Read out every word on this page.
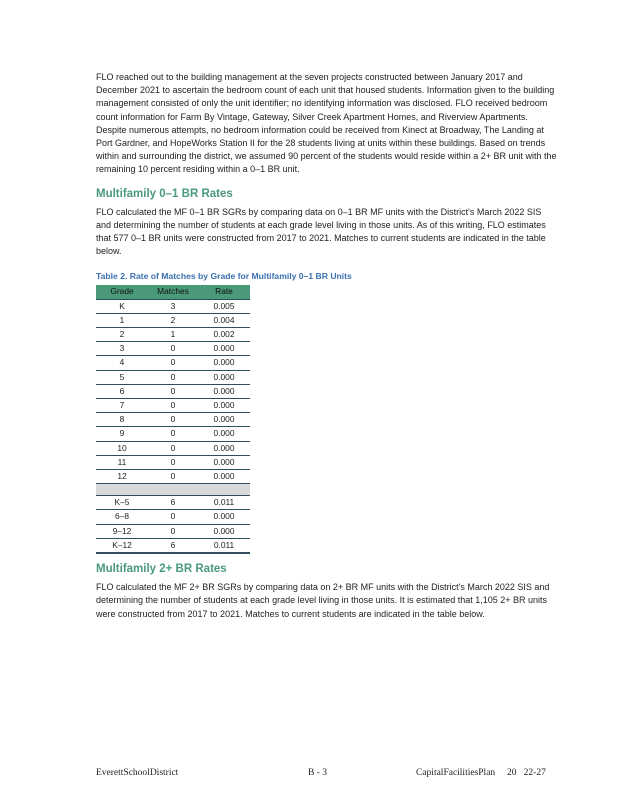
FLO reached out to the building management at the seven projects constructed between January 2017 and December 2021 to ascertain the bedroom count of each unit that housed students. Information given to the building management consisted of only the unit identifier; no identifying information was disclosed. FLO received bedroom count information for Farm By Vintage, Gateway, Silver Creek Apartment Homes, and Riverview Apartments. Despite numerous attempts, no bedroom information could be received from Kinect at Broadway, The Landing at Port Gardner, and HopeWorks Station II for the 28 students living at units within these buildings. Based on trends within and surrounding the district, we assumed 90 percent of the students would reside within a 2+ BR unit with the remaining 10 percent residing within a 0–1 BR unit.

Multifamily 0–1 BR Rates

FLO calculated the MF 0–1 BR SGRs by comparing data on 0–1 BR MF units with the District's March 2022 SIS and determining the number of students at each grade level living in those units. As of this writing, FLO estimates that 577 0–1 BR units were constructed from 2017 to 2021. Matches to current students are indicated in the table below.

Table 2. Rate of Matches by Grade for Multifamily 0–1 BR Units
Grade	Matches	Rate
K	3	0.005
1	2	0.004
2	1	0.002
3	0	0.000
4	0	0.000
5	0	0.000
6	0	0.000
7	0	0.000
8	0	0.000
9	0	0.000
10	0	0.000
11	0	0.000
12	0	0.000

K–5	6	0.011
6–8	0	0.000
9–12	0	0.000
K–12	6	0.011
Multifamily 2+ BR Rates

FLO calculated the MF 2+ BR SGRs by comparing data on 2+ BR MF units with the District's March 2022 SIS and determining the number of students at each grade level living in those units. It is estimated that 1,105 2+ BR units were constructed from 2017 to 2021. Matches to current students are indicated in the table below.

EverettSchoolDistrict	B - 3	CapitalFacilitiesPlan     20   22-27
